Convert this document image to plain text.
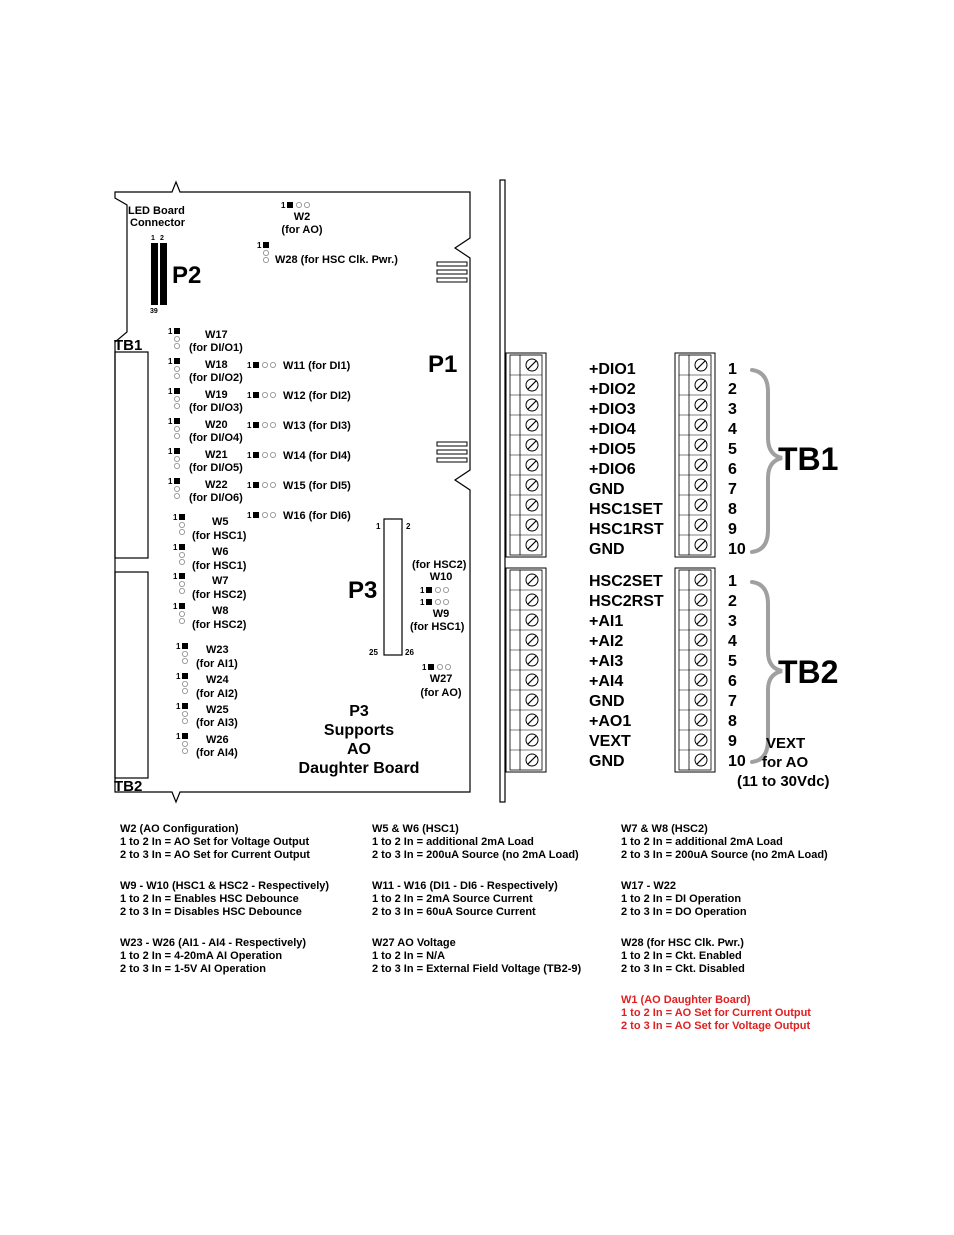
LED Board
Connector
1 2
39
P2
TB1
TB2
P1
1	2
25	26
P3
P3
Supports
AO
Daughter Board
1	W17
(for DI/O1)
1	W18
(for DI/O2)
1	W19
(for DI/O3)
1	W20
(for DI/O4)
1	W21
(for DI/O5)
1	W22
(for DI/O6)
1	W5
(for HSC1)
1	W6
(for HSC1)
1	W7
(for HSC2)
1	W8
(for HSC2)
1 W23
(for AI1)
1 W24
(for AI2)
1 W25
(for AI3)
1 W26
(for AI4)
1
W28 (for HSC Clk. Pwr.)
1
1	W11 (for DI1)
1	W12 (for DI2)
1	W13 (for DI3)
1	W14 (for DI4)
1	W15 (for DI5)
1	W16 (for DI6)
1
1
1
W2
(for AO)
(for HSC2)
W10
W9
(for HSC1)
W27
(for AO)
+DIO1	1
+DIO2	2
+DIO3	3
+DIO4	4
+DIO5	5
+DIO6	6
GND	7
HSC1SET	8
HSC1RST	9
GND	10
HSC2SET	1
HSC2RST	2
+AI1	3
+AI2	4
+AI3	5
+AI4	6
GND	7
+AO1	8
VEXT	9
GND	10
TB1
TB2
VEXT
for AO
(11 to 30Vdc)
W2 (AO Configuration)
1 to 2 In = AO Set for Voltage Output
2 to 3 In = AO Set for Current Output
W5 & W6 (HSC1)
1 to 2 In = additional 2mA Load
2 to 3 In = 200uA Source (no 2mA Load)
W7 & W8 (HSC2)
1 to 2 In = additional 2mA Load
2 to 3 In = 200uA Source (no 2mA Load)
W9 - W10 (HSC1 & HSC2 - Respectively)
1 to 2 In = Enables HSC Debounce
2 to 3 In = Disables HSC Debounce
W11 - W16 (DI1 - DI6 - Respectively)
1 to 2 In = 2mA Source Current
2 to 3 In = 60uA Source Current
W17 - W22
1 to 2 In = DI Operation
2 to 3 In = DO Operation
W23 - W26 (AI1 - AI4 - Respectively)
1 to 2 In = 4-20mA AI Operation
2 to 3 In = 1-5V AI Operation
W27 AO Voltage
1 to 2 In = N/A
2 to 3 In = External Field Voltage (TB2-9)
W28 (for HSC Clk. Pwr.)
1 to 2 In = Ckt. Enabled
2 to 3 In = Ckt. Disabled
W1 (AO Daughter Board)
1 to 2 In = AO Set for Current Output
2 to 3 In = AO Set for Voltage Output
